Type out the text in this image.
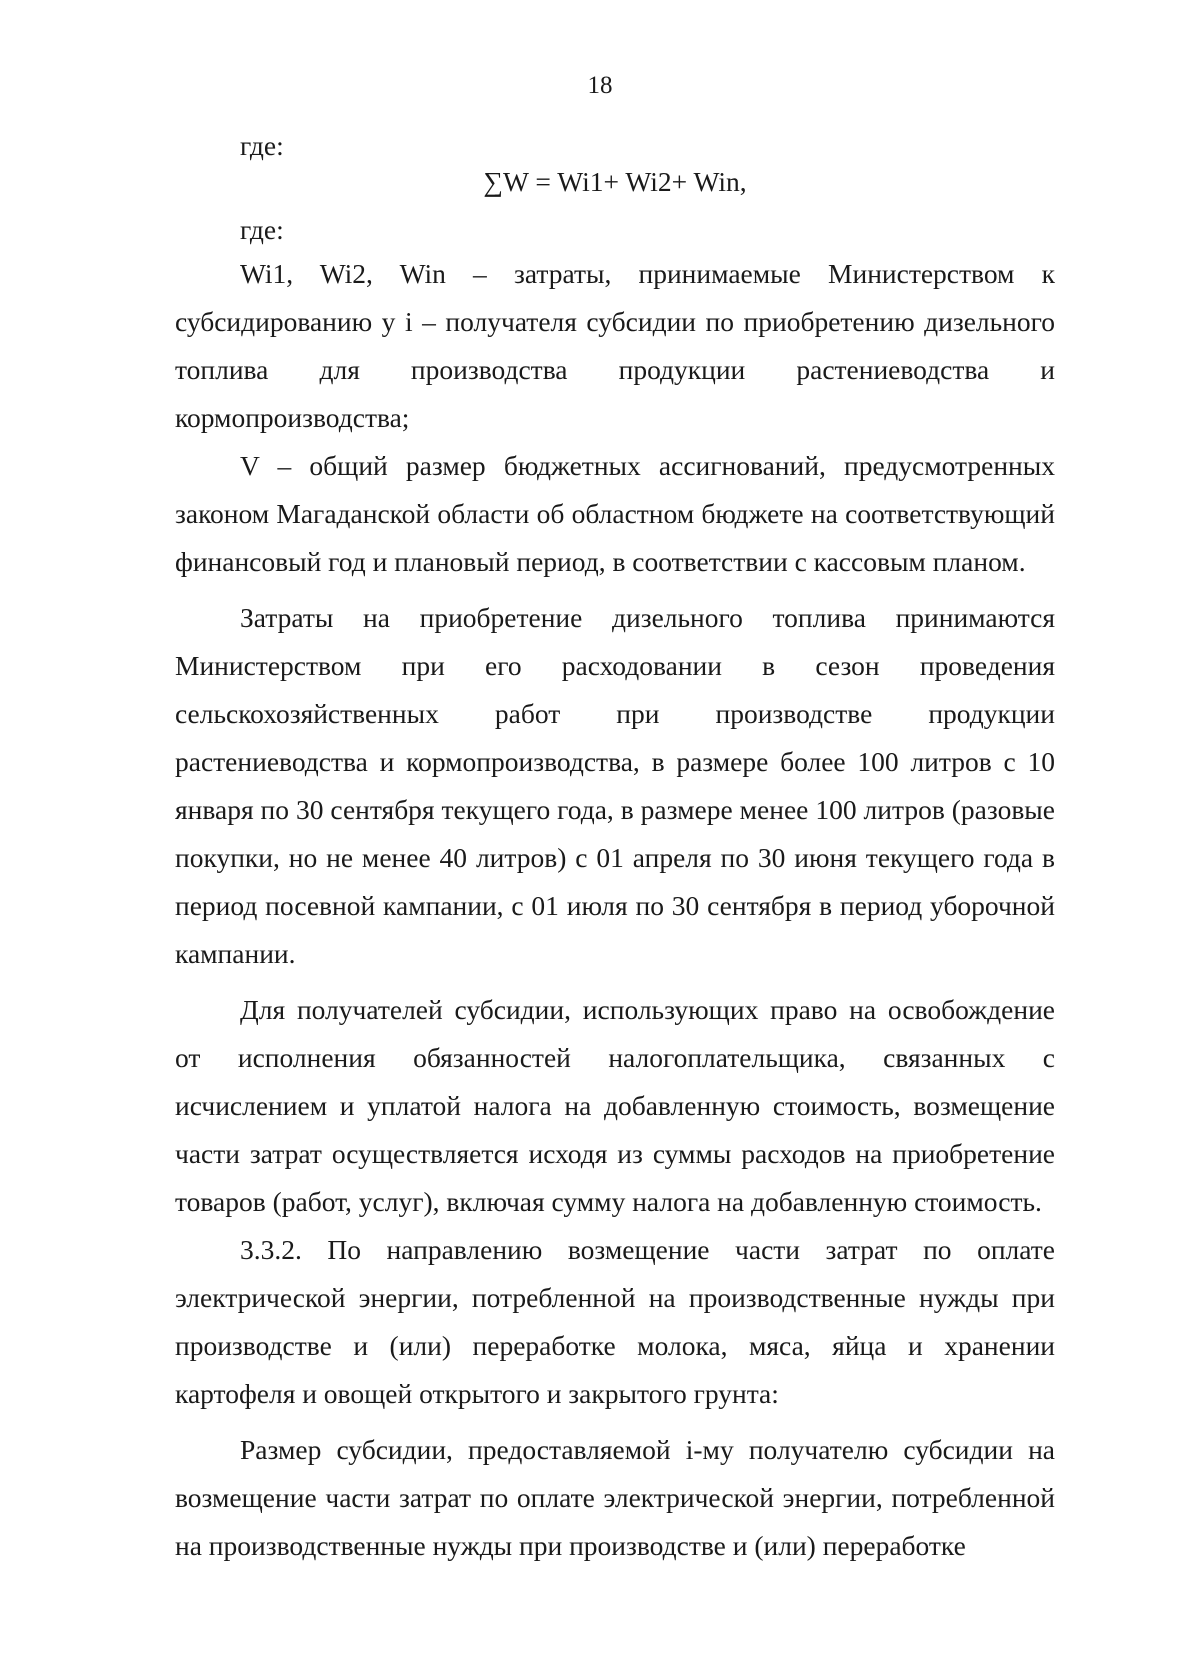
18
где:
∑W = Wi1+ Wi2+ Win,
где:

Wi1, Wi2, Win – затраты, принимаемые Министерством к субсидированию у i – получателя субсидии по приобретению дизельного топлива для производства продукции растениеводства и кормопроизводства;

V – общий размер бюджетных ассигнований, предусмотренных законом Магаданской области об областном бюджете на соответствующий финансовый год и плановый период, в соответствии с кассовым планом.

Затраты на приобретение дизельного топлива принимаются Министерством при его расходовании в сезон проведения сельскохозяйственных работ при производстве продукции растениеводства и кормопроизводства, в размере более 100 литров с 10 января по 30 сентября текущего года, в размере менее 100 литров (разовые покупки, но не менее 40 литров) с 01 апреля по 30 июня текущего года в период посевной кампании, с 01 июля по 30 сентября в период уборочной кампании.

Для получателей субсидии, использующих право на освобождение от исполнения обязанностей налогоплательщика, связанных с исчислением и уплатой налога на добавленную стоимость, возмещение части затрат осуществляется исходя из суммы расходов на приобретение товаров (работ, услуг), включая сумму налога на добавленную стоимость.

3.3.2. По направлению возмещение части затрат по оплате электрической энергии, потребленной на производственные нужды при производстве и (или) переработке молока, мяса, яйца и хранении картофеля и овощей открытого и закрытого грунта:

Размер субсидии, предоставляемой i-му получателю субсидии на возмещение части затрат по оплате электрической энергии, потребленной на производственные нужды при производстве и (или) переработке
